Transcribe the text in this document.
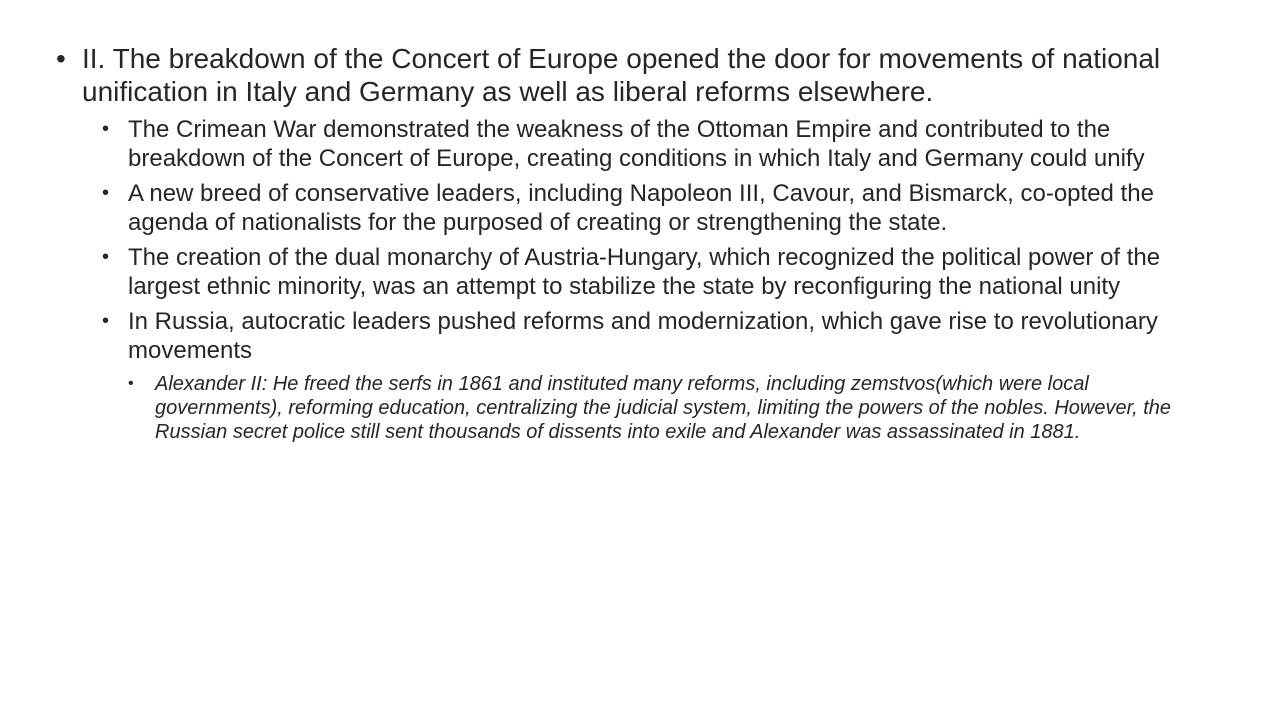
• II. The breakdown of the Concert of Europe opened the door for movements of national unification in Italy and Germany as well as liberal reforms elsewhere.
• The Crimean War demonstrated the weakness of the Ottoman Empire and contributed to the breakdown of the Concert of Europe, creating conditions in which Italy and Germany could unify
• A new breed of conservative leaders, including Napoleon III, Cavour, and Bismarck, co-opted the agenda of nationalists for the purposed of creating or strengthening the state.
• The creation of the dual monarchy of Austria-Hungary, which recognized the political power of the largest ethnic minority, was an attempt to stabilize the state by reconfiguring the national unity
• In Russia, autocratic leaders pushed reforms and modernization, which gave rise to revolutionary movements
• Alexander II: He freed the serfs in 1861 and instituted many reforms, including zemstvos(which were local governments), reforming education, centralizing the judicial system, limiting the powers of the nobles. However, the Russian secret police still sent thousands of dissents into exile and Alexander was assassinated in 1881.
